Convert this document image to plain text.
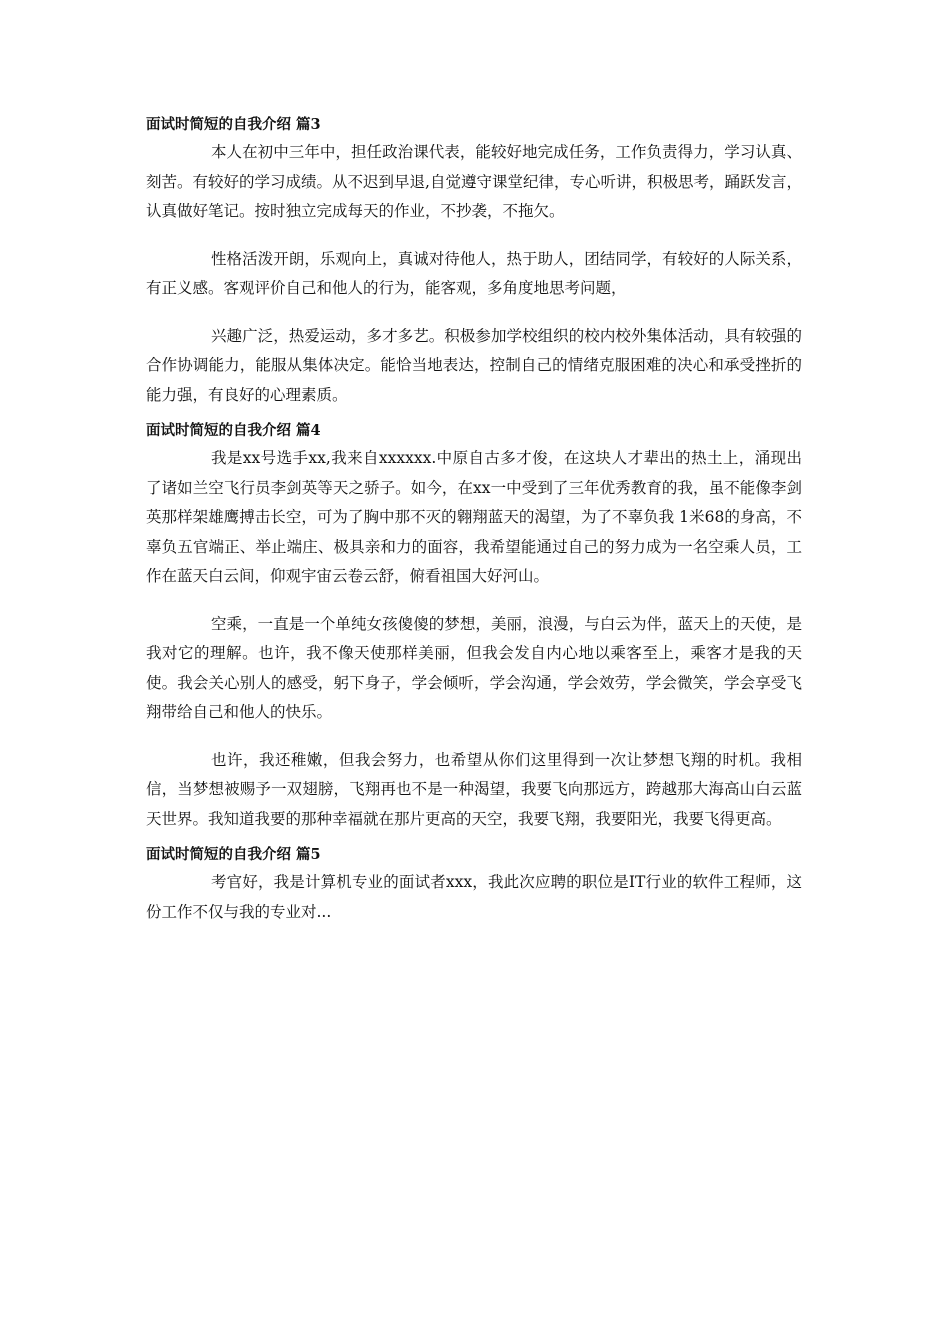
面试时简短的自我介绍 篇3

本人在初中三年中，担任政治课代表，能较好地完成任务，工作负责得力，学习认真、刻苦。有较好的学习成绩。从不迟到早退,自觉遵守课堂纪律，专心听讲，积极思考，踊跃发言，认真做好笔记。按时独立完成每天的作业，不抄袭，不拖欠。

性格活泼开朗，乐观向上，真诚对待他人，热于助人，团结同学，有较好的人际关系，有正义感。客观评价自己和他人的行为，能客观，多角度地思考问题，

兴趣广泛，热爱运动，多才多艺。积极参加学校组织的校内校外集体活动，具有较强的合作协调能力，能服从集体决定。能恰当地表达，控制自己的情绪克服困难的决心和承受挫折的能力强，有良好的心理素质。

面试时简短的自我介绍 篇4

我是xx号选手xx,我来自xxxxxx.中原自古多才俊，在这块人才辈出的热土上，涌现出了诸如兰空飞行员李剑英等天之骄子。如今，在xx一中受到了三年优秀教育的我，虽不能像李剑英那样架雄鹰搏击长空，可为了胸中那不灭的翱翔蓝天的渴望，为了不辜负我 1米68的身高，不辜负五官端正、举止端庄、极具亲和力的面容，我希望能通过自己的努力成为一名空乘人员，工作在蓝天白云间，仰观宇宙云卷云舒，俯看祖国大好河山。

空乘，一直是一个单纯女孩傻傻的梦想，美丽，浪漫，与白云为伴，蓝天上的天使，是我对它的理解。也许，我不像天使那样美丽，但我会发自内心地以乘客至上，乘客才是我的天使。我会关心别人的感受，躬下身子，学会倾听，学会沟通，学会效劳，学会微笑，学会享受飞翔带给自己和他人的快乐。

也许，我还稚嫩，但我会努力，也希望从你们这里得到一次让梦想飞翔的时机。我相信，当梦想被赐予一双翅膀，飞翔再也不是一种渴望，我要飞向那远方，跨越那大海高山白云蓝天世界。我知道我要的那种幸福就在那片更高的天空，我要飞翔，我要阳光，我要飞得更高。

面试时简短的自我介绍 篇5

考官好，我是计算机专业的面试者xxx，我此次应聘的职位是IT行业的软件工程师，这份工作不仅与我的专业对...
